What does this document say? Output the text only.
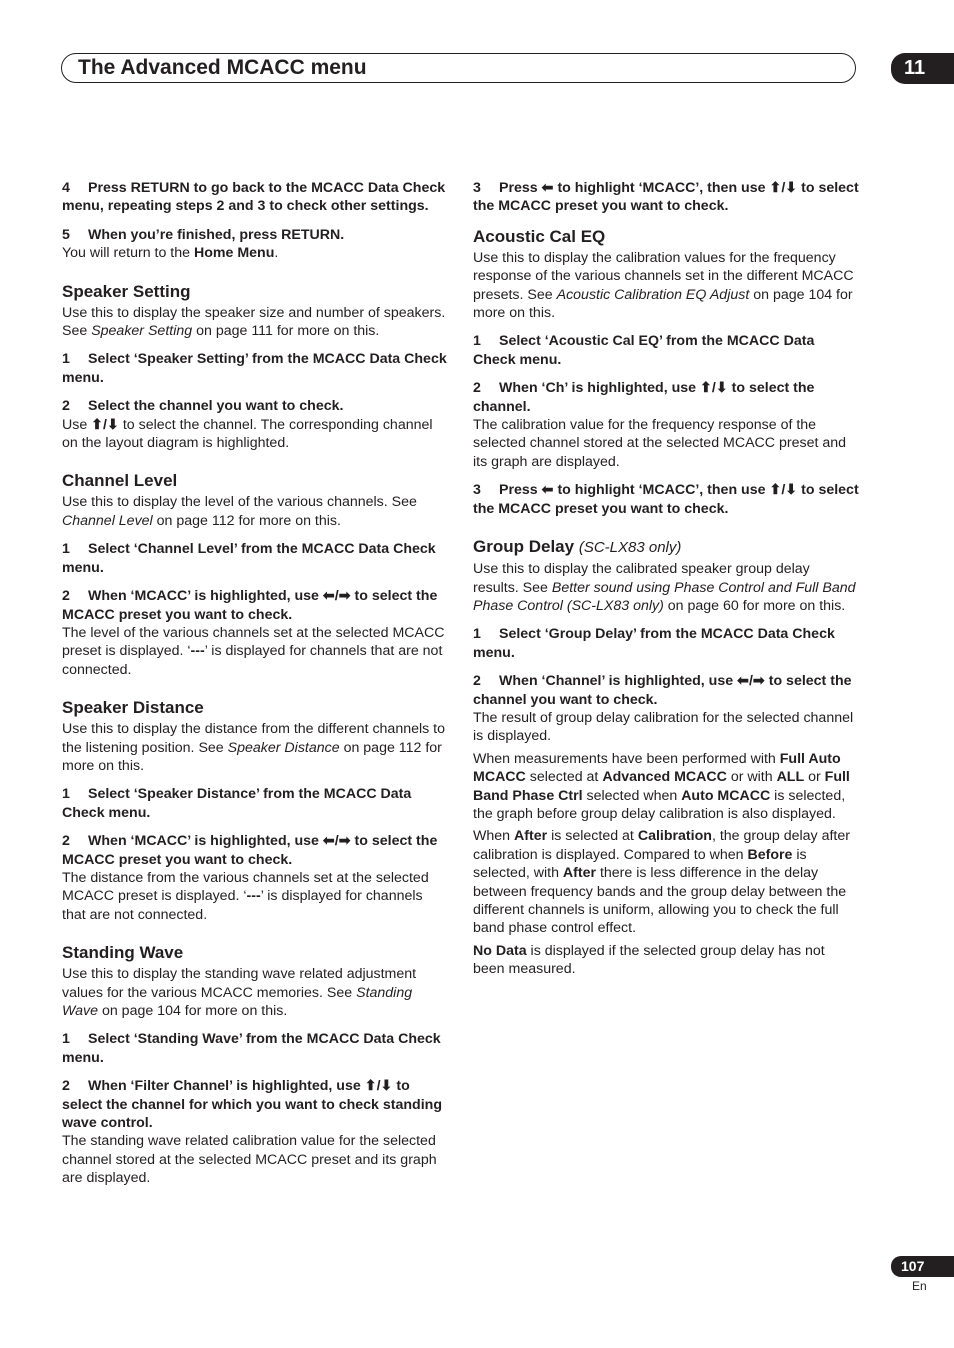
The Advanced MCACC menu	11

4 Press RETURN to go back to the MCACC Data Check menu, repeating steps 2 and 3 to check other settings.

5 When you’re finished, press RETURN.

You will return to the Home Menu.

Speaker Setting

Use this to display the speaker size and number of speakers. See Speaker Setting on page 111 for more on this.

1 Select ‘Speaker Setting’ from the MCACC Data Check menu.

2 Select the channel you want to check.

Use ⬆/⬇ to select the channel. The corresponding channel on the layout diagram is highlighted.

Channel Level

Use this to display the level of the various channels. See Channel Level on page 112 for more on this.

1 Select ‘Channel Level’ from the MCACC Data Check menu.

2 When ‘MCACC’ is highlighted, use ⬅/➡ to select the MCACC preset you want to check.

The level of the various channels set at the selected MCACC preset is displayed. ‘---’ is displayed for channels that are not connected.

Speaker Distance

Use this to display the distance from the different channels to the listening position. See Speaker Distance on page 112 for more on this.

1 Select ‘Speaker Distance’ from the MCACC Data Check menu.

2 When ‘MCACC’ is highlighted, use ⬅/➡ to select the MCACC preset you want to check.

The distance from the various channels set at the selected MCACC preset is displayed. ‘---’ is displayed for channels that are not connected.

Standing Wave

Use this to display the standing wave related adjustment values for the various MCACC memories. See Standing Wave on page 104 for more on this.

1 Select ‘Standing Wave’ from the MCACC Data Check menu.

2 When ‘Filter Channel’ is highlighted, use ⬆/⬇ to select the channel for which you want to check standing wave control.

The standing wave related calibration value for the selected channel stored at the selected MCACC preset and its graph are displayed.

3 Press ⬅ to highlight ‘MCACC’, then use ⬆/⬇ to select the MCACC preset you want to check.

Acoustic Cal EQ

Use this to display the calibration values for the frequency response of the various channels set in the different MCACC presets. See Acoustic Calibration EQ Adjust on page 104 for more on this.

1 Select ‘Acoustic Cal EQ’ from the MCACC Data Check menu.

2 When ‘Ch’ is highlighted, use ⬆/⬇ to select the channel.

The calibration value for the frequency response of the selected channel stored at the selected MCACC preset and its graph are displayed.

3 Press ⬅ to highlight ‘MCACC’, then use ⬆/⬇ to select the MCACC preset you want to check.

Group Delay (SC-LX83 only)

Use this to display the calibrated speaker group delay results. See Better sound using Phase Control and Full Band Phase Control (SC-LX83 only) on page 60 for more on this.

1 Select ‘Group Delay’ from the MCACC Data Check menu.

2 When ‘Channel’ is highlighted, use ⬅/➡ to select the channel you want to check.

The result of group delay calibration for the selected channel is displayed.

When measurements have been performed with Full Auto MCACC selected at Advanced MCACC or with ALL or Full Band Phase Ctrl selected when Auto MCACC is selected, the graph before group delay calibration is also displayed.

When After is selected at Calibration, the group delay after calibration is displayed. Compared to when Before is selected, with After there is less difference in the delay between frequency bands and the group delay between the different channels is uniform, allowing you to check the full band phase control effect.

No Data is displayed if the selected group delay has not been measured.

107
En
